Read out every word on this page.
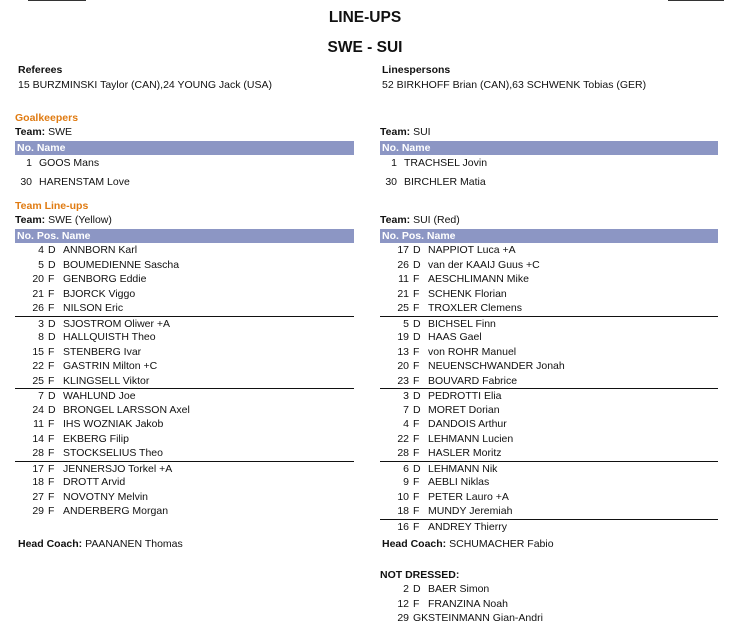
LINE-UPS
SWE - SUI
Referees
15 BURZMINSKI Taylor (CAN),24 YOUNG Jack (USA)
Linespersons
52 BIRKHOFF Brian (CAN),63 SCHWENK Tobias (GER)
Goalkeepers
Team: SWE
No. Name
1 GOOS Mans
30 HARENSTAM Love
Team: SUI
No. Name
1 TRACHSEL Jovin
30 BIRCHLER Matia
Team Line-ups
Team: SWE (Yellow)
No. Pos. Name
4 D ANNBORN Karl
5 D BOUMEDIENNE Sascha
20 F GENBORG Eddie
21 F BJORCK Viggo
26 F NILSON Eric
3 D SJOSTROM Oliwer +A
8 D HALLQUISTH Theo
15 F STENBERG Ivar
22 F GASTRIN Milton +C
25 F KLINGSELL Viktor
7 D WAHLUND Joe
24 D BRONGEL LARSSON Axel
11 F IHS WOZNIAK Jakob
14 F EKBERG Filip
28 F STOCKSELIUS Theo
17 F JENNERSJO Torkel +A
18 F DROTT Arvid
27 F NOVOTNY Melvin
29 F ANDERBERG Morgan
Team: SUI (Red)
No. Pos. Name
17 D NAPPIOT Luca +A
26 D van der KAAIJ Guus +C
11 F AESCHLIMANN Mike
21 F SCHENK Florian
25 F TROXLER Clemens
5 D BICHSEL Finn
19 D HAAS Gael
13 F von ROHR Manuel
20 F NEUENSCHWANDER Jonah
23 F BOUVARD Fabrice
3 D PEDROTTI Elia
7 D MORET Dorian
4 F DANDOIS Arthur
22 F LEHMANN Lucien
28 F HASLER Moritz
6 D LEHMANN Nik
9 F AEBLI Niklas
10 F PETER Lauro +A
18 F MUNDY Jeremiah
16 F ANDREY Thierry
Head Coach: PAANANEN Thomas	Head Coach: SCHUMACHER Fabio
NOT DRESSED:
2 D BAER Simon
12 F FRANZINA Noah
29 GK STEINMANN Gian-Andri
